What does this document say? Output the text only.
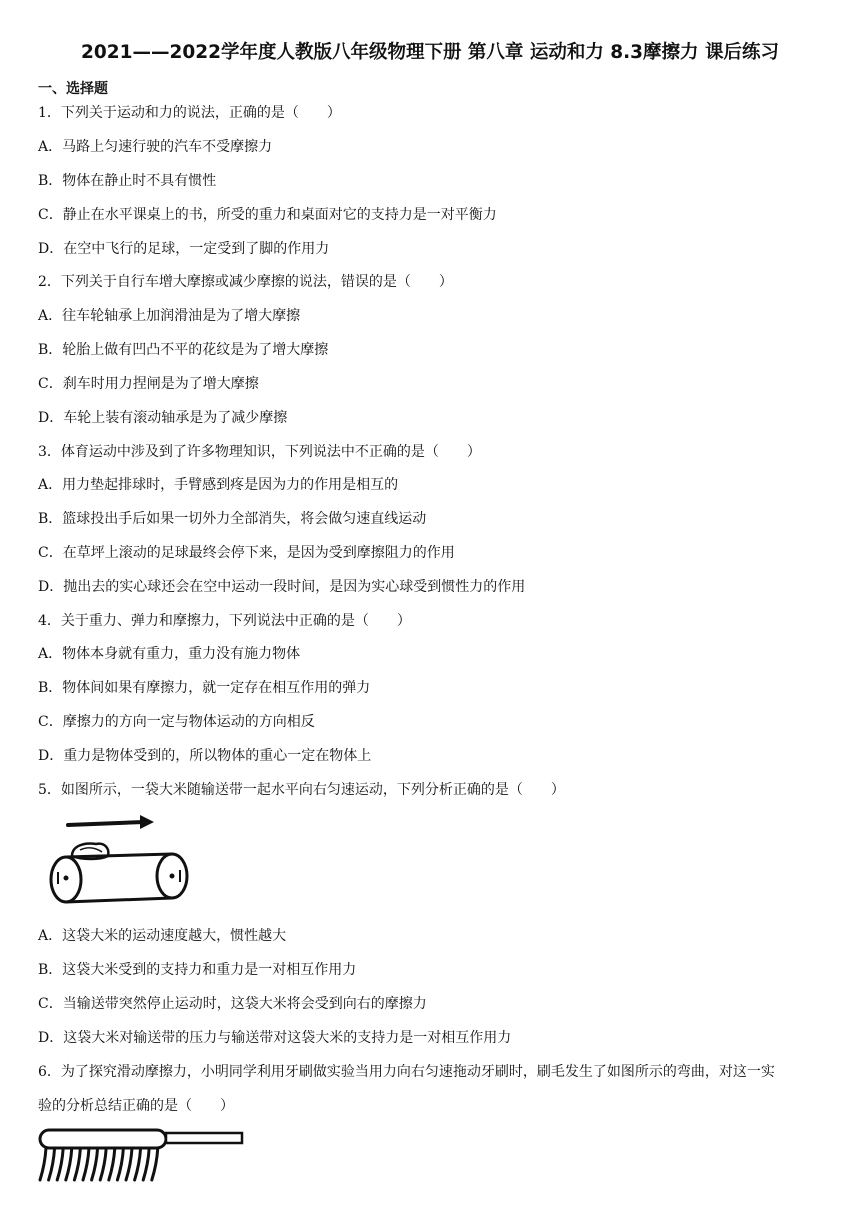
2021——2022学年度人教版八年级物理下册 第八章 运动和力 8.3摩擦力 课后练习
一、选择题
1．下列关于运动和力的说法，正确的是（　　）
A．马路上匀速行驶的汽车不受摩擦力
B．物体在静止时不具有惯性
C．静止在水平课桌上的书，所受的重力和桌面对它的支持力是一对平衡力
D．在空中飞行的足球，一定受到了脚的作用力
2．下列关于自行车增大摩擦或减少摩擦的说法，错误的是（　　）
A．往车轮轴承上加润滑油是为了增大摩擦
B．轮胎上做有凹凸不平的花纹是为了增大摩擦
C．刹车时用力捏闸是为了增大摩擦
D．车轮上装有滚动轴承是为了减少摩擦
3．体育运动中涉及到了许多物理知识，下列说法中不正确的是（　　）
A．用力垫起排球时，手臂感到疼是因为力的作用是相互的
B．篮球投出手后如果一切外力全部消失，将会做匀速直线运动
C．在草坪上滚动的足球最终会停下来，是因为受到摩擦阻力的作用
D．抛出去的实心球还会在空中运动一段时间，是因为实心球受到惯性力的作用
4．关于重力、弹力和摩擦力，下列说法中正确的是（　　）
A．物体本身就有重力，重力没有施力物体
B．物体间如果有摩擦力，就一定存在相互作用的弹力
C．摩擦力的方向一定与物体运动的方向相反
D．重力是物体受到的，所以物体的重心一定在物体上
5．如图所示，一袋大米随输送带一起水平向右匀速运动，下列分析正确的是（　　）
A．这袋大米的运动速度越大，惯性越大
B．这袋大米受到的支持力和重力是一对相互作用力
C．当输送带突然停止运动时，这袋大米将会受到向右的摩擦力
D．这袋大米对输送带的压力与输送带对这袋大米的支持力是一对相互作用力
6．为了探究滑动摩擦力，小明同学利用牙刷做实验当用力向右匀速拖动牙刷时，刷毛发生了如图所示的弯曲，对这一实
验的分析总结正确的是（　　）
